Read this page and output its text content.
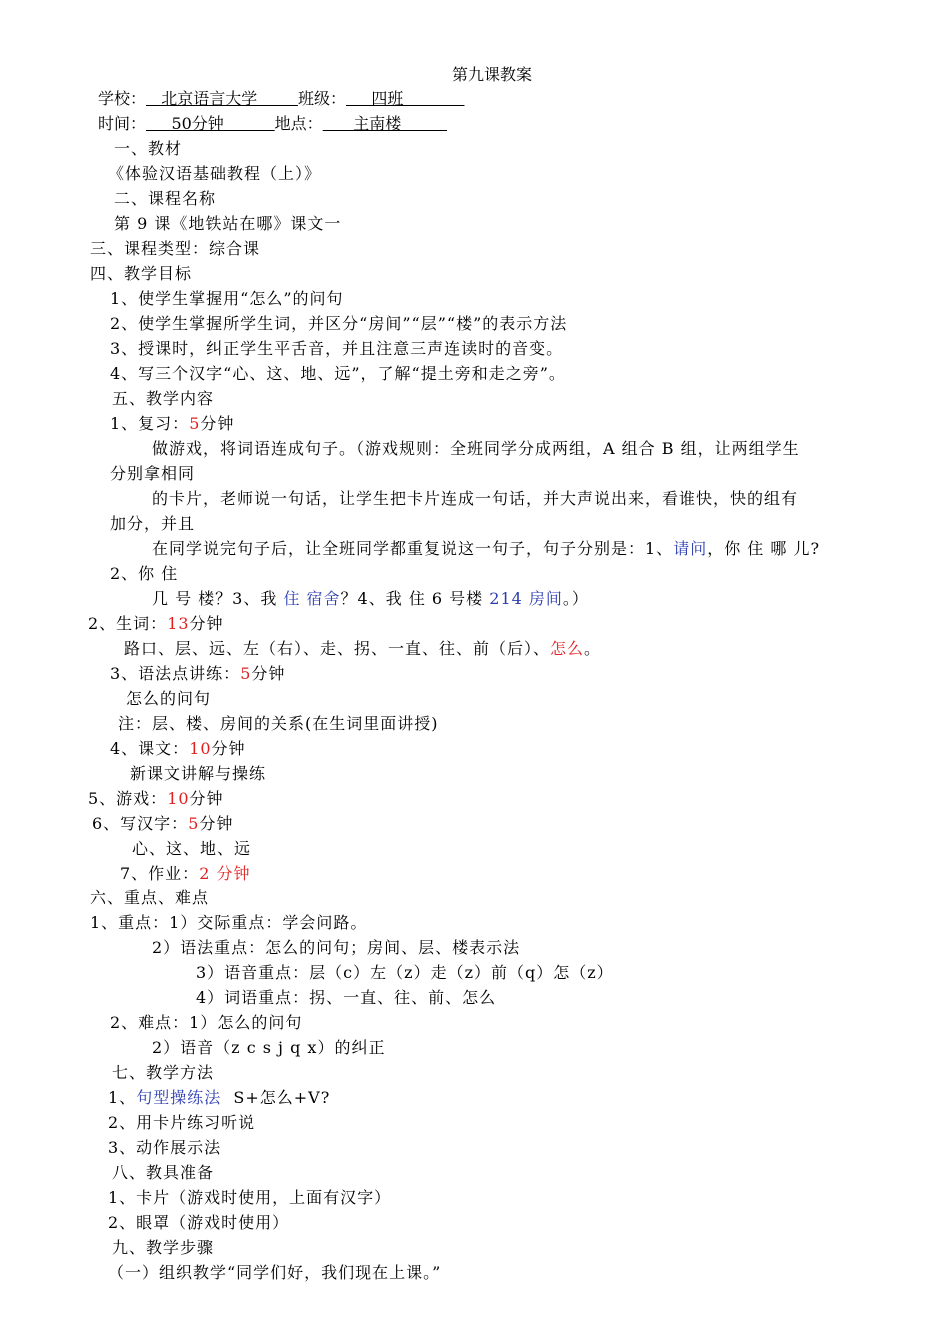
第九课教案
学校：   北京语言大学        班级：     四班
时间：     50分钟          地点：      主南楼
一、教材
《体验汉语基础教程（上）》
二、课程名称
第 9 课《地铁站在哪》课文一
三、课程类型：综合课
四、教学目标
1、使学生掌握用“怎么”的问句
2、使学生掌握所学生词，并区分“房间”“层”“楼”的表示方法
3、授课时，纠正学生平舌音，并且注意三声连读时的音变。
4、写三个汉字“心、这、地、远”，了解“提土旁和走之旁”。
五、教学内容
1、复习：5分钟
做游戏，将词语连成句子。（游戏规则：全班同学分成两组，A 组合 B 组，让两组学生
分别拿相同
的卡片，老师说一句话，让学生把卡片连成一句话，并大声说出来，看谁快，快的组有
加分，并且
在同学说完句子后，让全班同学都重复说这一句子，句子分别是：1、请问，你 住 哪 儿?
2、你 住
几 号 楼？3、我 住 宿舍？4、我 住 6 号楼 214 房间。）
2、生词：13分钟
路口、层、远、左（右）、走、拐、一直、往、前（后）、怎么。
3、语法点讲练：5分钟
怎么的问句
注：层、楼、房间的关系(在生词里面讲授)
4、课文：10分钟
新课文讲解与操练
5、游戏：10分钟
6、写汉字：5分钟
心、这、地、远
7、作业：2 分钟
六、重点、难点
1、重点：1）交际重点：学会问路。
2）语法重点：怎么的问句；房间、层、楼表示法
3）语音重点：层（c）左（z）走（z）前（q）怎（z）
4）词语重点：拐、一直、往、前、怎么
2、难点：1）怎么的问句
2）语音（z c s j q x）的纠正
七、教学方法
1、句型操练法  S+怎么+V?
2、用卡片练习听说
3、动作展示法
八、教具准备
1、卡片（游戏时使用，上面有汉字）
2、眼罩（游戏时使用）
九、教学步骤
（一）组织教学“同学们好，我们现在上课。”
